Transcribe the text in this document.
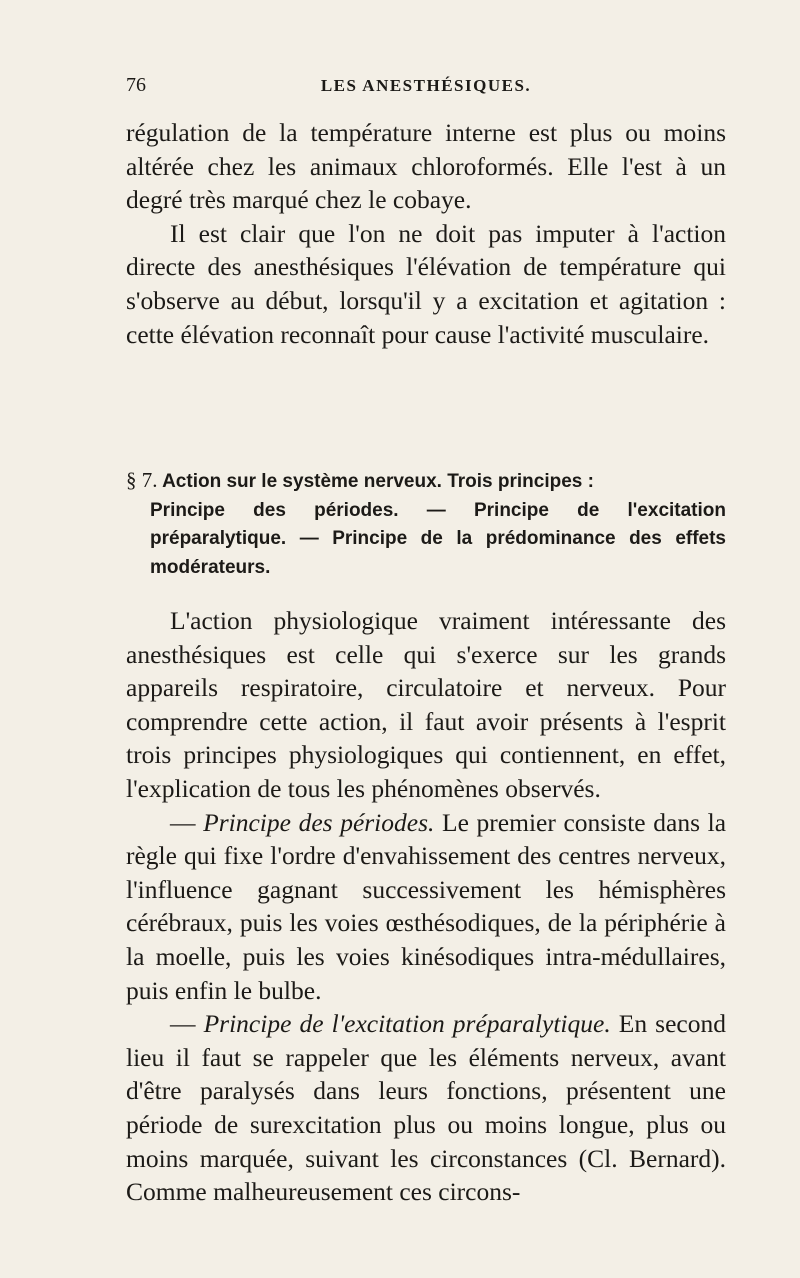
76	LES ANESTHÉSIQUES.

régulation de la température interne est plus ou moins altérée chez les animaux chloroformés. Elle l'est à un degré très marqué chez le cobaye.

Il est clair que l'on ne doit pas imputer à l'action directe des anesthésiques l'élévation de température qui s'observe au début, lorsqu'il y a excitation et agitation : cette élévation reconnaît pour cause l'activité musculaire.

§ 7. Action sur le système nerveux. Trois principes :
Principe des périodes. — Principe de l'excitation préparalytique. — Principe de la prédominance des effets modérateurs.

L'action physiologique vraiment intéressante des anesthésiques est celle qui s'exerce sur les grands appareils respiratoire, circulatoire et nerveux. Pour comprendre cette action, il faut avoir présents à l'esprit trois principes physiologiques qui contiennent, en effet, l'explication de tous les phénomènes observés.

— Principe des périodes. Le premier consiste dans la règle qui fixe l'ordre d'envahissement des centres nerveux, l'influence gagnant successivement les hémisphères cérébraux, puis les voies œsthésodiques, de la périphérie à la moelle, puis les voies kinésodiques intra-médullaires, puis enfin le bulbe.

— Principe de l'excitation préparalytique. En second lieu il faut se rappeler que les éléments nerveux, avant d'être paralysés dans leurs fonctions, présentent une période de surexcitation plus ou moins longue, plus ou moins marquée, suivant les circonstances (Cl. Bernard). Comme malheureusement ces circons-
